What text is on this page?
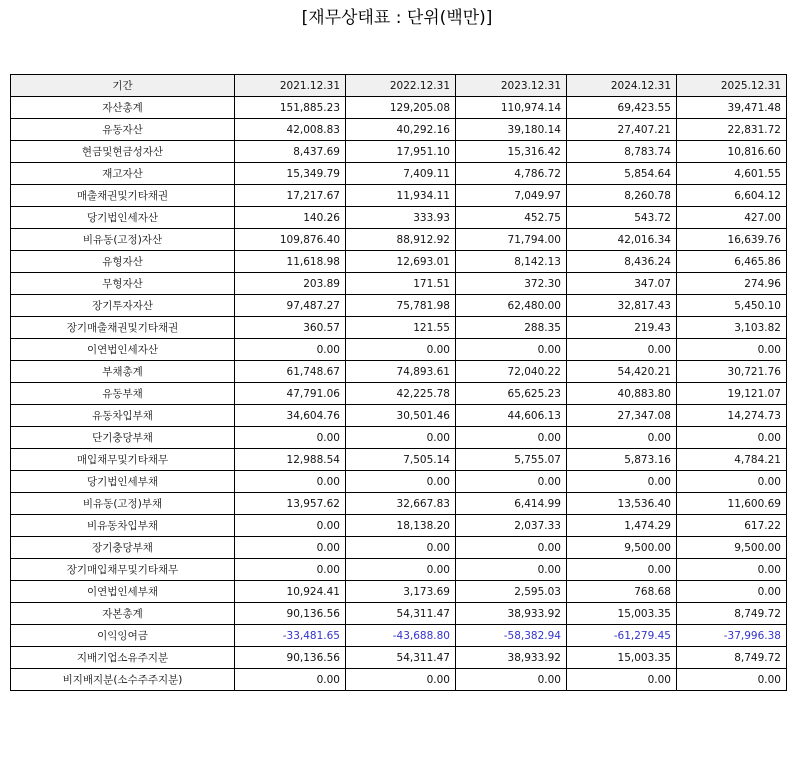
[재무상태표 : 단위(백만)]
기간	2021.12.31	2022.12.31	2023.12.31	2024.12.31	2025.12.31
자산총계	151,885.23	129,205.08	110,974.14	69,423.55	39,471.48
유동자산	42,008.83	40,292.16	39,180.14	27,407.21	22,831.72
현금및현금성자산	8,437.69	17,951.10	15,316.42	8,783.74	10,816.60
재고자산	15,349.79	7,409.11	4,786.72	5,854.64	4,601.55
매출채권및기타채권	17,217.67	11,934.11	7,049.97	8,260.78	6,604.12
당기법인세자산	140.26	333.93	452.75	543.72	427.00
비유동(고정)자산	109,876.40	88,912.92	71,794.00	42,016.34	16,639.76
유형자산	11,618.98	12,693.01	8,142.13	8,436.24	6,465.86
무형자산	203.89	171.51	372.30	347.07	274.96
장기투자자산	97,487.27	75,781.98	62,480.00	32,817.43	5,450.10
장기매출채권및기타채권	360.57	121.55	288.35	219.43	3,103.82
이연법인세자산	0.00	0.00	0.00	0.00	0.00
부채총계	61,748.67	74,893.61	72,040.22	54,420.21	30,721.76
유동부채	47,791.06	42,225.78	65,625.23	40,883.80	19,121.07
유동차입부채	34,604.76	30,501.46	44,606.13	27,347.08	14,274.73
단기충당부채	0.00	0.00	0.00	0.00	0.00
매입채무및기타채무	12,988.54	7,505.14	5,755.07	5,873.16	4,784.21
당기법인세부채	0.00	0.00	0.00	0.00	0.00
비유동(고정)부채	13,957.62	32,667.83	6,414.99	13,536.40	11,600.69
비유동차입부채	0.00	18,138.20	2,037.33	1,474.29	617.22
장기충당부채	0.00	0.00	0.00	9,500.00	9,500.00
장기매입채무및기타채무	0.00	0.00	0.00	0.00	0.00
이연법인세부채	10,924.41	3,173.69	2,595.03	768.68	0.00
자본총계	90,136.56	54,311.47	38,933.92	15,003.35	8,749.72
이익잉여금	-33,481.65	-43,688.80	-58,382.94	-61,279.45	-37,996.38
지배기업소유주지분	90,136.56	54,311.47	38,933.92	15,003.35	8,749.72
비지배지분(소수주주지분)	0.00	0.00	0.00	0.00	0.00
